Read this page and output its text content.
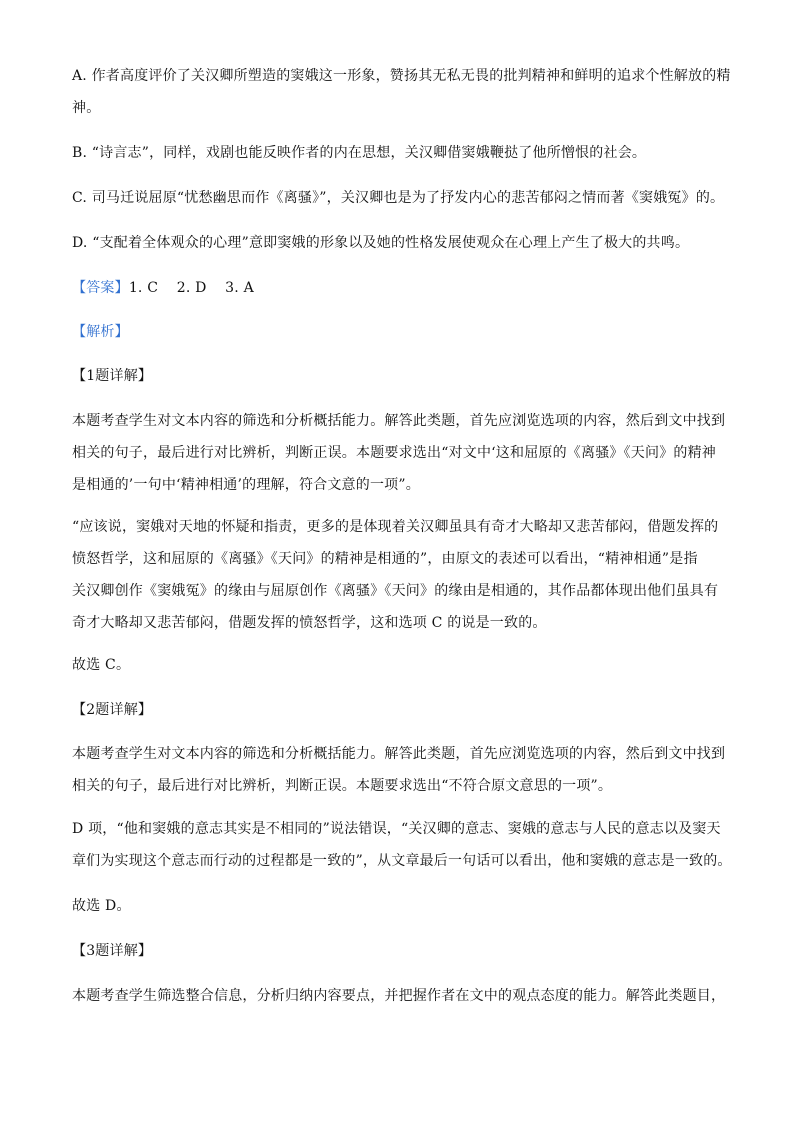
A. 作者高度评价了关汉卿所塑造的窦娥这一形象，赞扬其无私无畏的批判精神和鲜明的追求个性解放的精
神。
B. “诗言志”，同样，戏剧也能反映作者的内在思想，关汉卿借窦娥鞭挞了他所憎恨的社会。
C. 司马迁说屈原“忧愁幽思而作《离骚》”，关汉卿也是为了抒发内心的悲苦郁闷之情而著《窦娥冤》的。
D. “支配着全体观众的心理”意即窦娥的形象以及她的性格发展使观众在心理上产生了极大的共鸣。
【答案】1. C    2. D    3. A
【解析】
【1题详解】
本题考查学生对文本内容的筛选和分析概括能力。解答此类题，首先应浏览选项的内容，然后到文中找到
相关的句子，最后进行对比辨析，判断正误。本题要求选出“对文中‘这和屈原的《离骚》《天问》的精神
是相通的’一句中‘精神相通’的理解，符合文意的一项”。
“应该说，窦娥对天地的怀疑和指责，更多的是体现着关汉卿虽具有奇才大略却又悲苦郁闷，借题发挥的
愤怒哲学，这和屈原的《离骚》《天问》的精神是相通的”，由原文的表述可以看出，“精神相通”是指
关汉卿创作《窦娥冤》的缘由与屈原创作《离骚》《天问》的缘由是相通的，其作品都体现出他们虽具有
奇才大略却又悲苦郁闷，借题发挥的愤怒哲学，这和选项 C 的说是一致的。
故选 C。
【2题详解】
本题考查学生对文本内容的筛选和分析概括能力。解答此类题，首先应浏览选项的内容，然后到文中找到
相关的句子，最后进行对比辨析，判断正误。本题要求选出“不符合原文意思的一项”。
D 项，“他和窦娥的意志其实是不相同的”说法错误，“关汉卿的意志、窦娥的意志与人民的意志以及窦天
章们为实现这个意志而行动的过程都是一致的”，从文章最后一句话可以看出，他和窦娥的意志是一致的。
故选 D。
【3题详解】
本题考查学生筛选整合信息，分析归纳内容要点，并把握作者在文中的观点态度的能力。解答此类题目，
